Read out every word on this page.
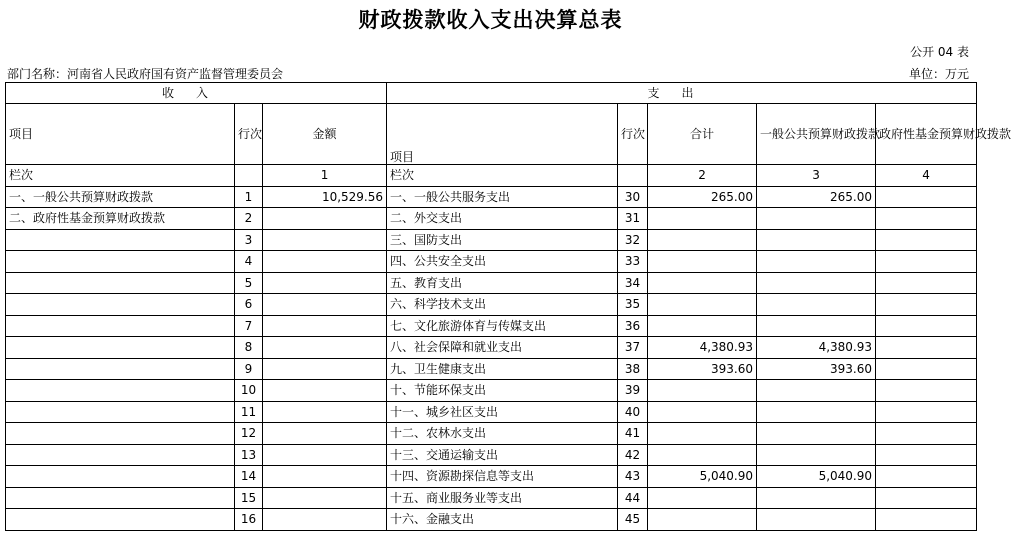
财政拨款收入支出决算总表
公开 04 表
部门名称：河南省人民政府国有资产监督管理委员会	单位：万元
收入			支出				
项目	行次	金额	项目	行次	合计	一般公共预算财政拨款	政府性基金预算财政拨款
栏次		1	栏次		2	3	4
一、一般公共预算财政拨款	1	10,529.56	一、一般公共服务支出	30	265.00	265.00	
二、政府性基金预算财政拨款	2		二、外交支出	31			
	3		三、国防支出	32			
	4		四、公共安全支出	33			
	5		五、教育支出	34			
	6		六、科学技术支出	35			
	7		七、文化旅游体育与传媒支出	36			
	8		八、社会保障和就业支出	37	4,380.93	4,380.93	
	9		九、卫生健康支出	38	393.60	393.60	
	10		十、节能环保支出	39			
	11		十一、城乡社区支出	40			
	12		十二、农林水支出	41			
	13		十三、交通运输支出	42			
	14		十四、资源勘探信息等支出	43	5,040.90	5,040.90	
	15		十五、商业服务业等支出	44			
	16		十六、金融支出	45			
